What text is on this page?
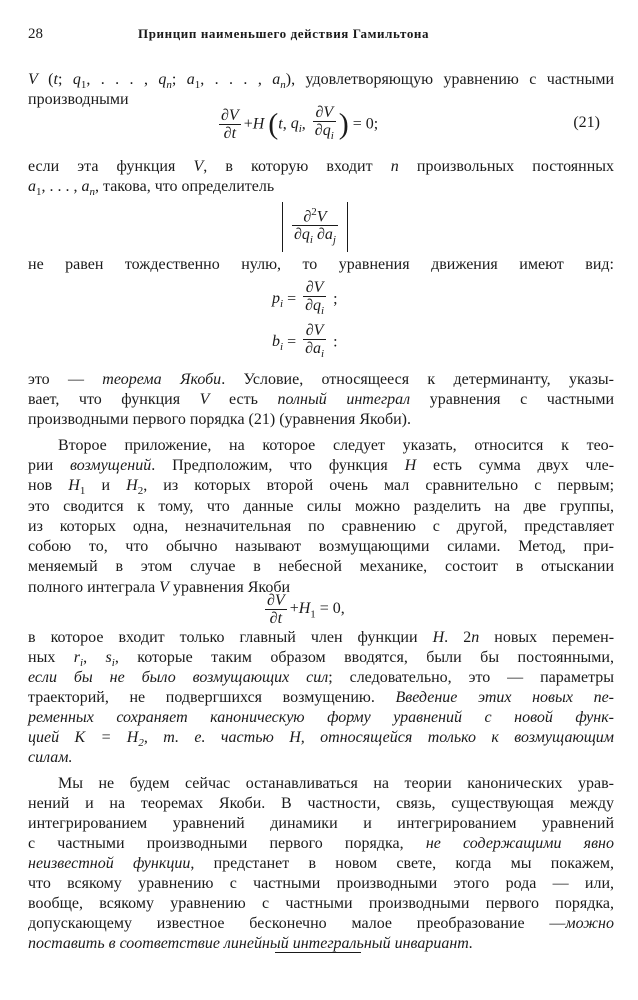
28	Принцип наименьшего действия Гамильтона
V (t; $q_1$, . . . , $q_n$; $a_1$, . . . , $a_n$), удовлетворяющую уравнению с частными
производными
$\frac{\partial V}{\partial t} +H$ (t, $q_i$, $\frac{\partial V}{\partial q_i}$ ) = 0;	(21)
если эта функция V, в которую входит n произвольных постоянных
$a_1$, . . . , $a_n$, такова, что определитель
$\frac{\partial^2V}{\partial q_i \partial a_j}$
не равен тождественно нулю, то уравнения движения имеют вид:
$p_i = \frac{\partial V}{\partial q_i}$ ;
$b_i = \frac{\partial V}{\partial a_i}$ :
это — теорема Якоби. Условие, относящееся к детерминанту, указы-
вает, что функция V есть полный интеграл уравнения с частными
производными первого порядка (21) (уравнения Якоби).
Второе приложение, на которое следует указать, относится к тео-
рии возмущений. Предположим, что функция H есть сумма двух чле-
нов $H_1$ и $H_2$, из которых второй очень мал сравнительно с первым;
это сводится к тому, что данные силы можно разделить на две группы,
из которых одна, незначительная по сравнению с другой, представляет
собою то, что обычно называют возмущающими силами. Метод, при-
меняемый в этом случае в небесной механике, состоит в отыскании
полного интеграла V уравнения Якоби
$\frac{\partial V}{\partial t} +H_1 = 0$,
в которое входит только главный член функции H. 2n новых перемен-
ных $r_i$, $s_i$, которые таким образом вводятся, были бы постоянными,
если бы не было возмущающих сил; следовательно, это — параметры
траекторий, не подвергшихся возмущению. Введение этих новых пе-
ременных сохраняет каноническую форму уравнений с новой функ-
цией $K = H_2$, т. е. частью H, относящейся только к возмущающим
силам.
Мы не будем сейчас останавливаться на теории канонических урав-
нений и на теоремах Якоби. В частности, связь, существующая между
интегрированием уравнений динамики и интегрированием уравнений
с частными производными первого порядка, не содержащими явно
неизвестной функции, предстанет в новом свете, когда мы покажем,
что всякому уравнению с частными производными этого рода — или,
вообще, всякому уравнению с частными производными первого порядка,
допускающему известное бесконечно малое преобразование —можно
поставить в соответствие линейный интегральный инвариант.
